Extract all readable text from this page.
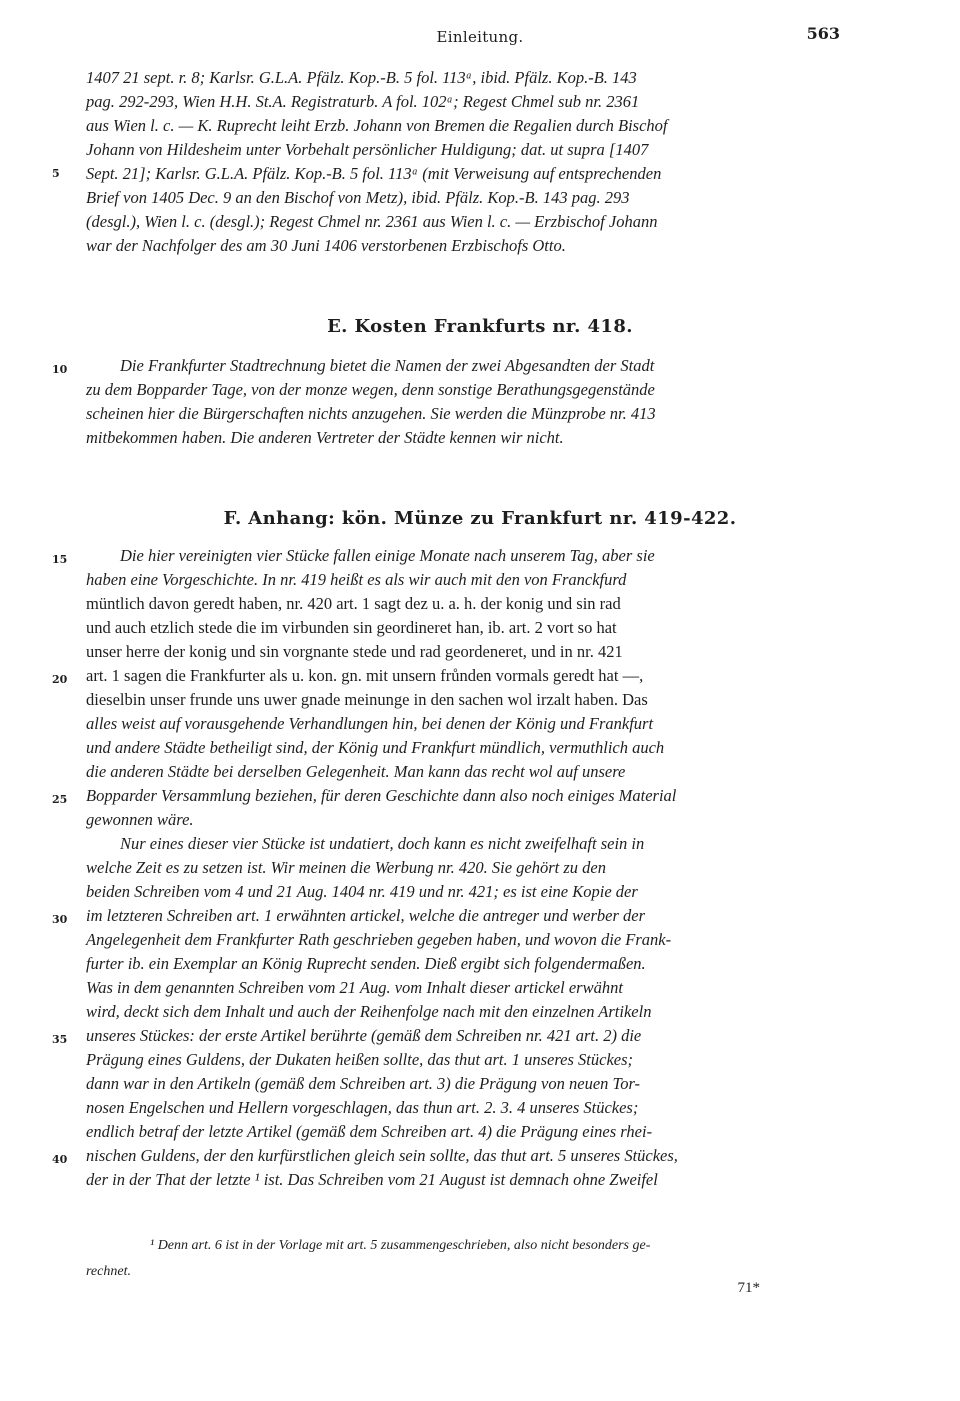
Einleitung.	563
1407 21 sept. r. 8; Karlsr. G.L.A. Pfälz. Kop.-B. 5 fol. 113ᵃ, ibid. Pfälz. Kop.-B. 143
pag. 292-293, Wien H.H. St.A. Registraturb. A fol. 102ᵃ; Regest Chmel sub nr. 2361
aus Wien l. c. — K. Ruprecht leiht Erzb. Johann von Bremen die Regalien durch Bischof
Johann von Hildesheim unter Vorbehalt persönlicher Huldigung; dat. ut supra [1407
5	Sept. 21]; Karlsr. G.L.A. Pfälz. Kop.-B. 5 fol. 113ᵃ (mit Verweisung auf entsprechenden
Brief von 1405 Dec. 9 an den Bischof von Metz), ibid. Pfälz. Kop.-B. 143 pag. 293
(desgl.), Wien l. c. (desgl.); Regest Chmel nr. 2361 aus Wien l. c. — Erzbischof Johann
war der Nachfolger des am 30 Juni 1406 verstorbenen Erzbischofs Otto.
E. Kosten Frankfurts nr. 418.
10	Die Frankfurter Stadtrechnung bietet die Namen der zwei Abgesandten der Stadt
zu dem Bopparder Tage, von der monze wegen, denn sonstige Berathungsgegenstände
scheinen hier die Bürgerschaften nichts anzugehen. Sie werden die Münzprobe nr. 413
mitbekommen haben. Die anderen Vertreter der Städte kennen wir nicht.
F. Anhang: kön. Münze zu Frankfurt nr. 419-422.
15	Die hier vereinigten vier Stücke fallen einige Monate nach unserem Tag, aber sie
haben eine Vorgeschichte. In nr. 419 heißt es als wir auch mit den von Franckfurd
müntlich davon geredt haben, nr. 420 art. 1 sagt dez u. a. h. der konig und sin rad
und auch etzlich stede die im virbunden sin geordineret han, ib. art. 2 vort so hat
unser herre der konig und sin vorgnante stede und rad geordeneret, und in nr. 421
20	art. 1 sagen die Frankfurter als u. kon. gn. mit unsern frůnden vormals geredt hat —,
dieselbin unser frunde uns uwer gnade meinunge in den sachen wol irzalt haben. Das
alles weist auf vorausgehende Verhandlungen hin, bei denen der König und Frankfurt
und andere Städte betheiligt sind, der König und Frankfurt mündlich, vermuthlich auch
die anderen Städte bei derselben Gelegenheit. Man kann das recht wol auf unsere
25	Bopparder Versammlung beziehen, für deren Geschichte dann also noch einiges Material
gewonnen wäre.
Nur eines dieser vier Stücke ist undatiert, doch kann es nicht zweifelhaft sein in
welche Zeit es zu setzen ist. Wir meinen die Werbung nr. 420. Sie gehört zu den
beiden Schreiben vom 4 und 21 Aug. 1404 nr. 419 und nr. 421; es ist eine Kopie der
30	im letzteren Schreiben art. 1 erwähnten artickel, welche die antreger und werber der
Angelegenheit dem Frankfurter Rath geschrieben gegeben haben, und wovon die Frank-
furter ib. ein Exemplar an König Ruprecht senden. Dieß ergibt sich folgendermaßen.
Was in dem genannten Schreiben vom 21 Aug. vom Inhalt dieser artickel erwähnt
wird, deckt sich dem Inhalt und auch der Reihenfolge nach mit den einzelnen Artikeln
35	unseres Stückes: der erste Artikel berührte (gemäß dem Schreiben nr. 421 art. 2) die
Prägung eines Guldens, der Dukaten heißen sollte, das thut art. 1 unseres Stückes;
dann war in den Artikeln (gemäß dem Schreiben art. 3) die Prägung von neuen Tor-
nosen Engelschen und Hellern vorgeschlagen, das thun art. 2. 3. 4 unseres Stückes;
endlich betraf der letzte Artikel (gemäß dem Schreiben art. 4) die Prägung eines rhei-
40	nischen Guldens, der den kurfürstlichen gleich sein sollte, das thut art. 5 unseres Stückes,
der in der That der letzte ¹ ist. Das Schreiben vom 21 August ist demnach ohne Zweifel
¹ Denn art. 6 ist in der Vorlage mit art. 5 zusammengeschrieben, also nicht besonders ge-
rechnet.
71*
